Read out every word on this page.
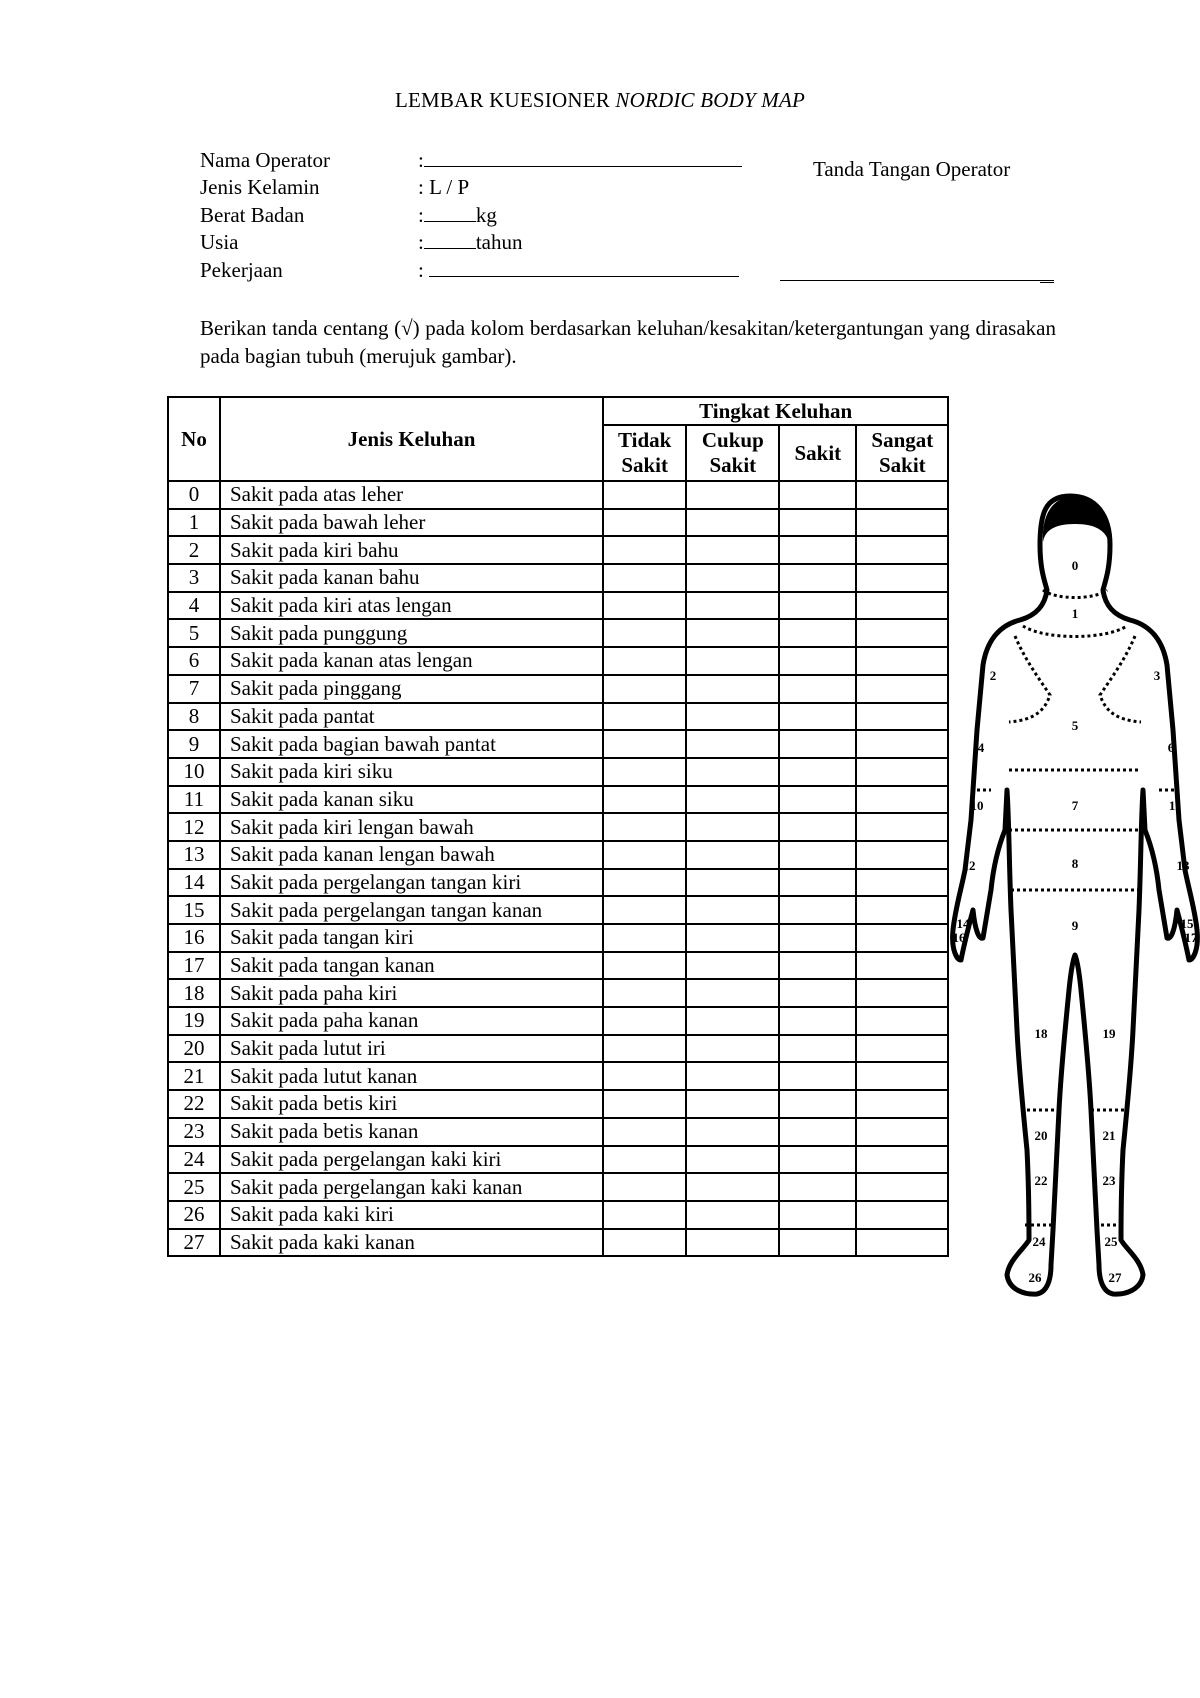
LEMBAR KUESIONER NORDIC BODY MAP
Nama Operator	:
Jenis Kelamin	: L / P
Berat Badan	: kg
Usia	: tahun
Pekerjaan	:
Tanda Tangan Operator
Berikan tanda centang (√) pada kolom berdasarkan keluhan/kesakitan/ketergantungan yang dirasakan pada bagian tubuh (merujuk gambar).
No	Jenis Keluhan	Tingkat Keluhan			
		Tidak Sakit	Cukup Sakit	Sakit	Sangat Sakit
0	Sakit pada atas leher				
1	Sakit pada bawah leher				
2	Sakit pada kiri bahu				
3	Sakit pada kanan bahu				
4	Sakit pada kiri atas lengan				
5	Sakit pada punggung				
6	Sakit pada kanan atas lengan				
7	Sakit pada pinggang				
8	Sakit pada pantat				
9	Sakit pada bagian bawah pantat				
10	Sakit pada kiri siku				
11	Sakit pada kanan siku				
12	Sakit pada kiri lengan bawah				
13	Sakit pada kanan lengan bawah				
14	Sakit pada pergelangan tangan kiri				
15	Sakit pada pergelangan tangan kanan				
16	Sakit pada tangan kiri				
17	Sakit pada tangan kanan				
18	Sakit pada paha kiri				
19	Sakit pada paha kanan				
20	Sakit pada lutut iri				
21	Sakit pada lutut kanan				
22	Sakit pada betis kiri				
23	Sakit pada betis kanan				
24	Sakit pada pergelangan kaki kiri				
25	Sakit pada pergelangan kaki kanan				
26	Sakit pada kaki kiri				
27	Sakit pada kaki kanan				
0
1
2	3
5
4	6
7
10	11
8
12	13
9
14
16
15
17
18	19
20	21
22	23
24	25
26	27
